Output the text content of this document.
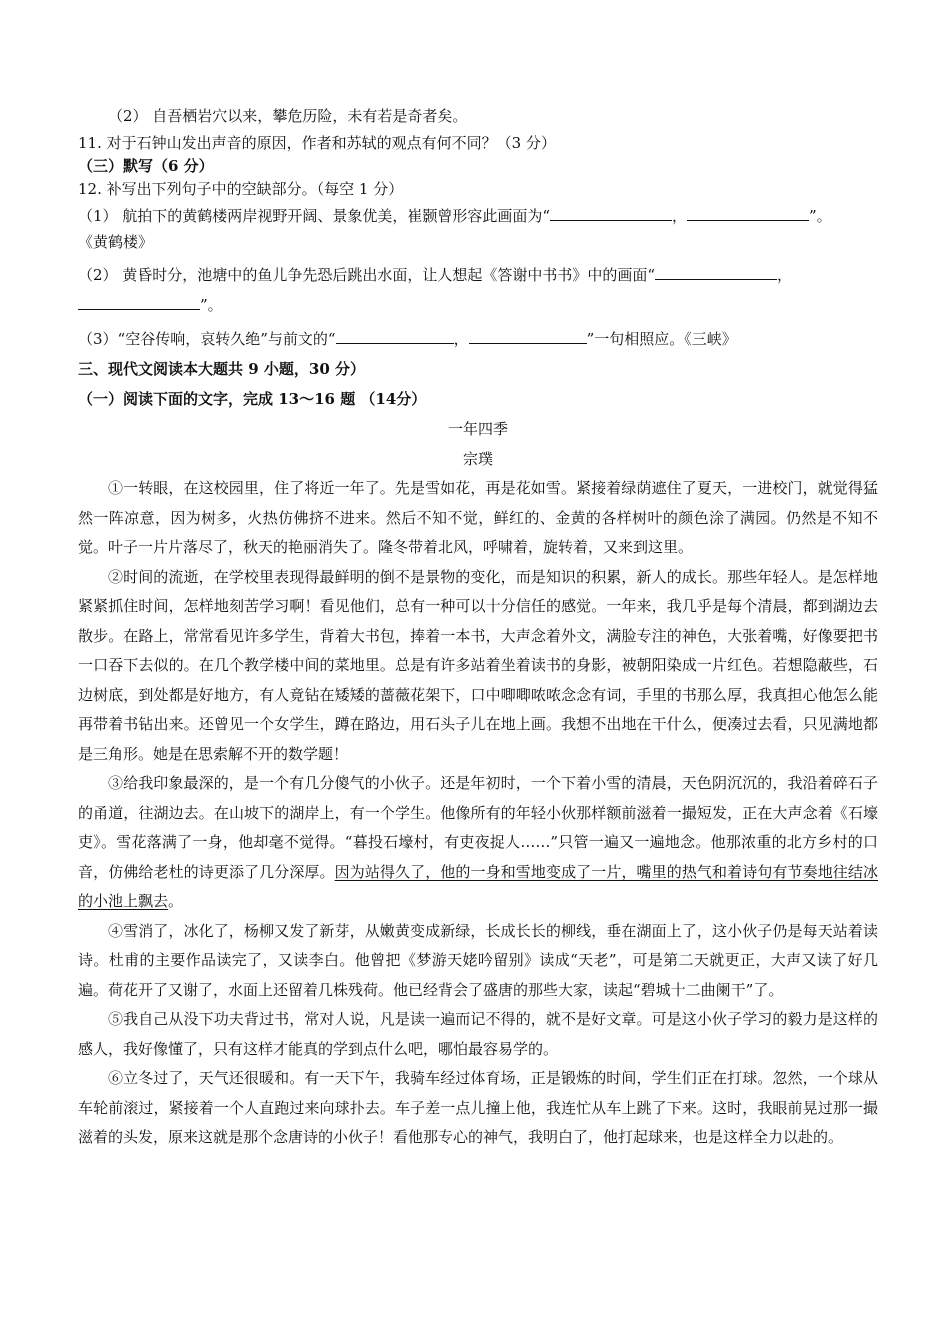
（2） 自吾栖岩穴以来，攀危历险，未有若是奇者矣。
11. 对于石钟山发出声音的原因，作者和苏轼的观点有何不同？（3 分）
（三）默写（6 分）
12. 补写出下列句子中的空缺部分。（每空 1 分）
（1） 航拍下的黄鹤楼两岸视野开阔、景象优美，崔颢曾形容此画面为“	，	”。
《黄鹤楼》
（2） 黄昏时分，池塘中的鱼儿争先恐后跳出水面，让人想起《答谢中书书》中的画面“	，
”。
（3）“空谷传响，哀转久绝”与前文的“	，	”一句相照应。《三峡》
三、现代文阅读本大题共 9 小题，30 分）
（一）阅读下面的文字，完成 13～16 题 （14分）
一年四季
宗璞

①一转眼，在这校园里，住了将近一年了。先是雪如花，再是花如雪。紧接着绿荫遮住了夏天，一进校门，就觉得猛然一阵凉意，因为树多，火热仿佛挤不进来。然后不知不觉，鲜红的、金黄的各样树叶的颜色涂了满园。仍然是不知不觉。叶子一片片落尽了，秋天的艳丽消失了。隆冬带着北风，呼啸着，旋转着，又来到这里。

②时间的流逝，在学校里表现得最鲜明的倒不是景物的变化，而是知识的积累，新人的成长。那些年轻人。是怎样地紧紧抓住时间，怎样地刻苦学习啊！看见他们，总有一种可以十分信任的感觉。一年来，我几乎是每个清晨，都到湖边去散步。在路上，常常看见许多学生，背着大书包，捧着一本书，大声念着外文，满脸专注的神色，大张着嘴，好像要把书一口吞下去似的。在几个教学楼中间的菜地里。总是有许多站着坐着读书的身影，被朝阳染成一片红色。若想隐蔽些，石边树底，到处都是好地方，有人竟钻在矮矮的蔷薇花架下，口中唧唧哝哝念念有词，手里的书那么厚，我真担心他怎么能再带着书钻出来。还曾见一个女学生，蹲在路边，用石头子儿在地上画。我想不出地在干什么，便凑过去看，只见满地都是三角形。她是在思索解不开的数学题！

③给我印象最深的，是一个有几分傻气的小伙子。还是年初时，一个下着小雪的清晨，天色阴沉沉的，我沿着碎石子的甬道，往湖边去。在山坡下的湖岸上，有一个学生。他像所有的年轻小伙那样额前滋着一撮短发，正在大声念着《石壕吏》。雪花落满了一身，他却毫不觉得。“暮投石壕村，有吏夜捉人……”只管一遍又一遍地念。他那浓重的北方乡村的口音，仿佛给老杜的诗更添了几分深厚。因为站得久了，他的一身和雪地变成了一片，嘴里的热气和着诗句有节奏地往结冰的小池上飘去。

④雪消了，冰化了，杨柳又发了新芽，从嫩黄变成新绿，长成长长的柳线，垂在湖面上了，这小伙子仍是每天站着读诗。杜甫的主要作品读完了，又读李白。他曾把《梦游天姥吟留别》读成“天老”，可是第二天就更正，大声又读了好几遍。荷花开了又谢了，水面上还留着几株残荷。他已经背会了盛唐的那些大家，读起“碧城十二曲阑干”了。

⑤我自己从没下功夫背过书，常对人说，凡是读一遍而记不得的，就不是好文章。可是这小伙子学习的毅力是这样的感人，我好像懂了，只有这样才能真的学到点什么吧，哪怕最容易学的。

⑥立冬过了，天气还很暖和。有一天下午，我骑车经过体育场，正是锻炼的时间，学生们正在打球。忽然，一个球从车轮前滚过，紧接着一个人直跑过来向球扑去。车子差一点儿撞上他，我连忙从车上跳了下来。这时，我眼前晃过那一撮滋着的头发，原来这就是那个念唐诗的小伙子！看他那专心的神气，我明白了，他打起球来，也是这样全力以赴的。
